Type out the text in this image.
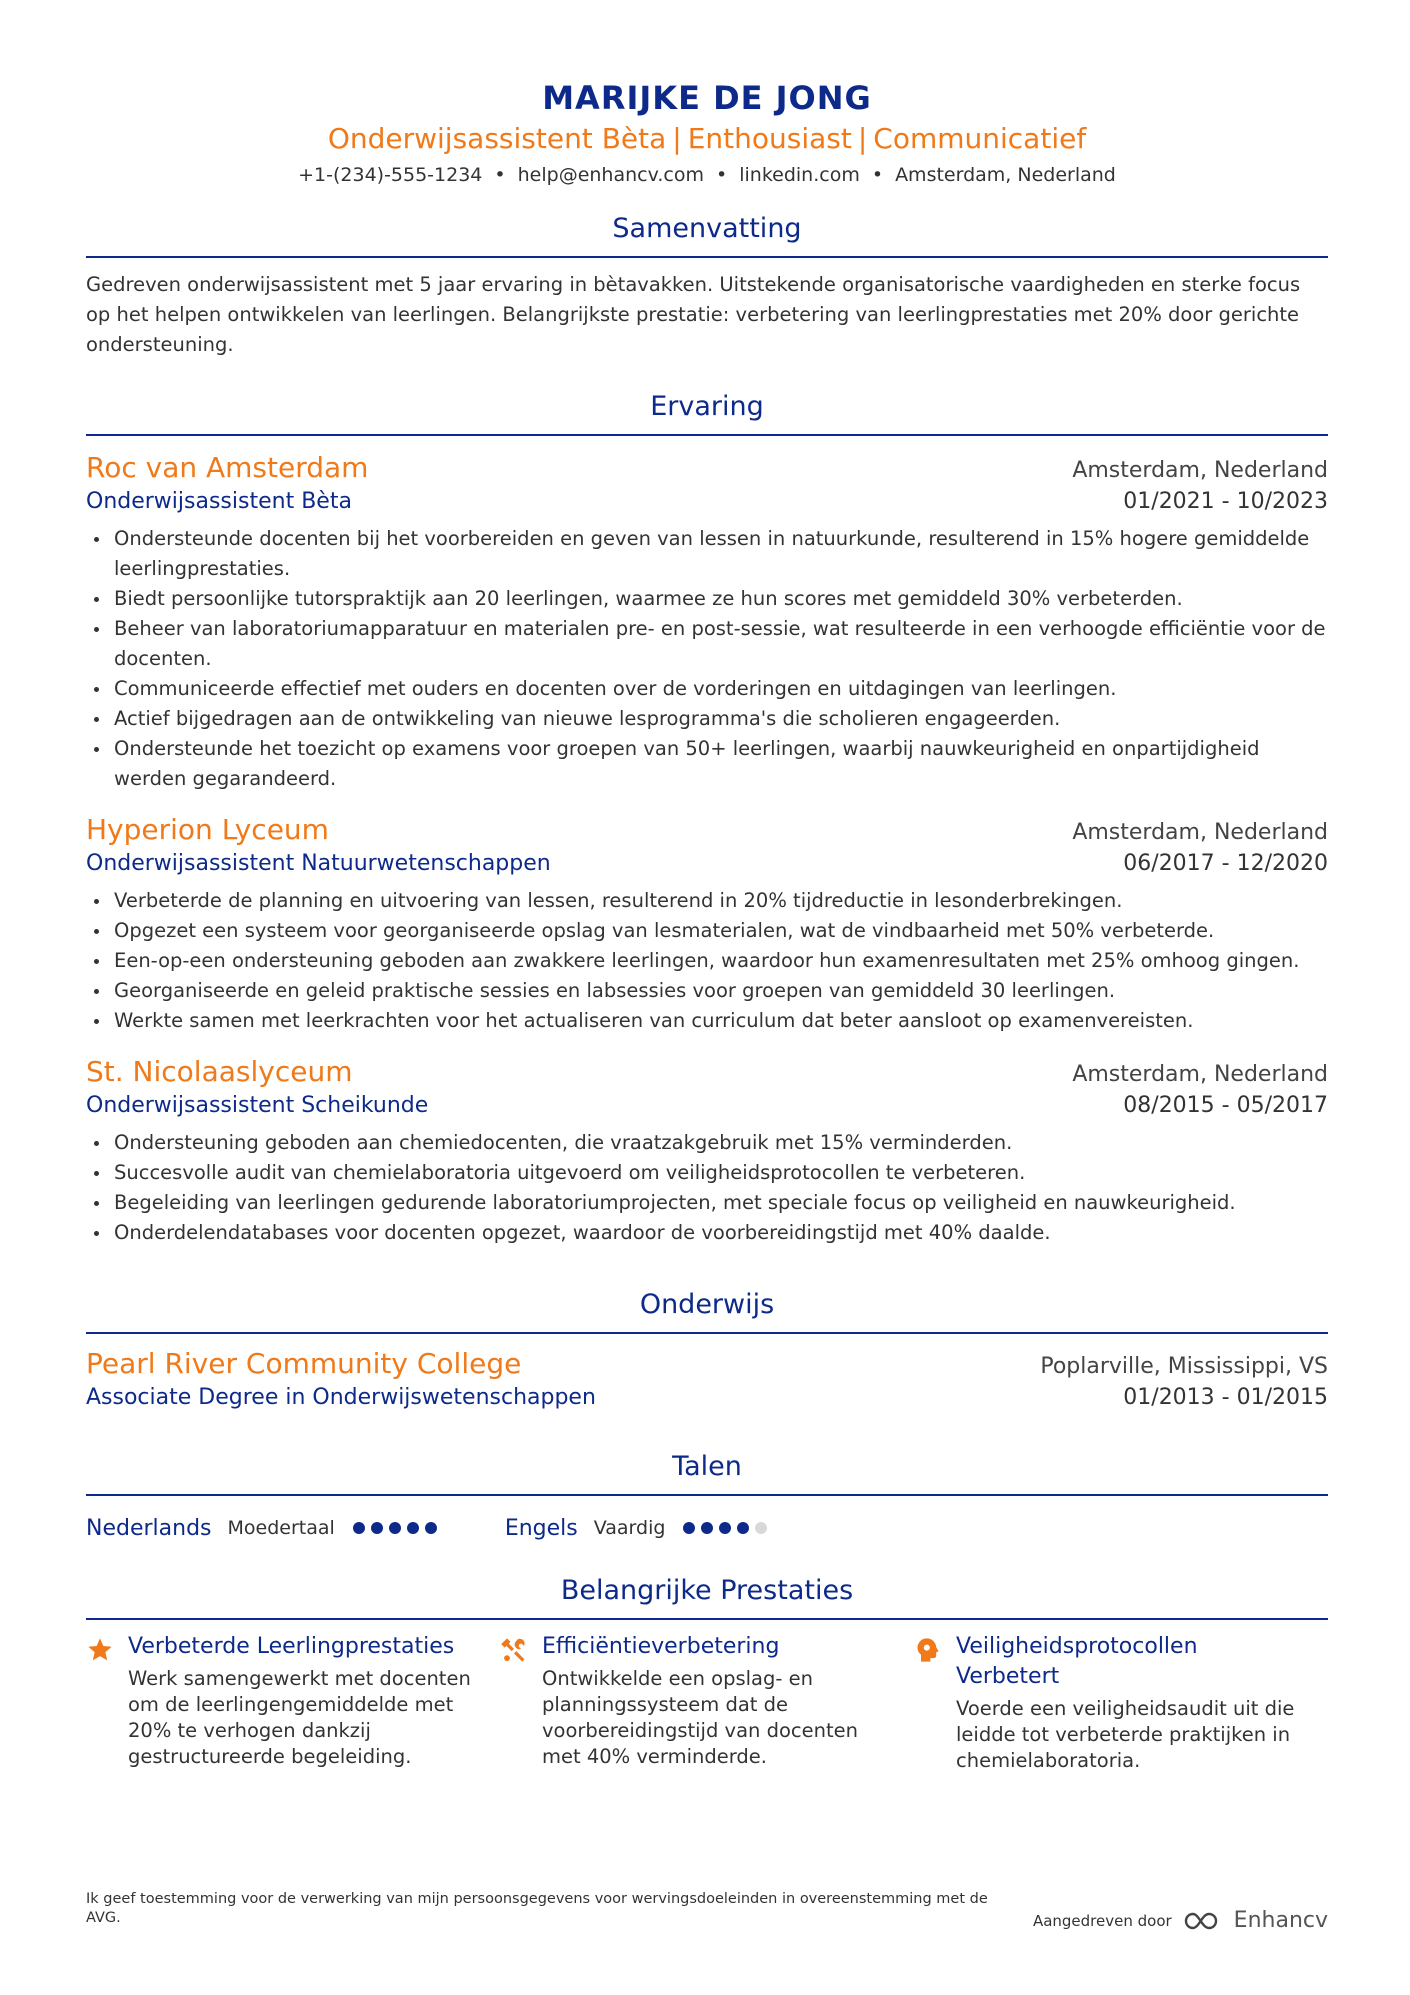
MARIJKE DE JONG
Onderwijsassistent Bèta | Enthousiast | Communicatief
+1-(234)-555-1234 • help@enhancv.com • linkedin.com • Amsterdam, Nederland
Samenvatting
Gedreven onderwijsassistent met 5 jaar ervaring in bètavakken. Uitstekende organisatorische vaardigheden en sterke focus op het helpen ontwikkelen van leerlingen. Belangrijkste prestatie: verbetering van leerlingprestaties met 20% door gerichte ondersteuning.
Ervaring
Roc van Amsterdam	Amsterdam, Nederland
Onderwijsassistent Bèta	01/2021 - 10/2023
Ondersteunde docenten bij het voorbereiden en geven van lessen in natuurkunde, resulterend in 15% hogere gemiddelde leerlingprestaties.
Biedt persoonlijke tutorspraktijk aan 20 leerlingen, waarmee ze hun scores met gemiddeld 30% verbeterden.
Beheer van laboratoriumapparatuur en materialen pre- en post-sessie, wat resulteerde in een verhoogde efficiëntie voor de docenten.
Communiceerde effectief met ouders en docenten over de vorderingen en uitdagingen van leerlingen.
Actief bijgedragen aan de ontwikkeling van nieuwe lesprogramma's die scholieren engageerden.
Ondersteunde het toezicht op examens voor groepen van 50+ leerlingen, waarbij nauwkeurigheid en onpartijdigheid werden gegarandeerd.
Hyperion Lyceum	Amsterdam, Nederland
Onderwijsassistent Natuurwetenschappen	06/2017 - 12/2020
Verbeterde de planning en uitvoering van lessen, resulterend in 20% tijdreductie in lesonderbrekingen.
Opgezet een systeem voor georganiseerde opslag van lesmaterialen, wat de vindbaarheid met 50% verbeterde.
Een-op-een ondersteuning geboden aan zwakkere leerlingen, waardoor hun examenresultaten met 25% omhoog gingen.
Georganiseerde en geleid praktische sessies en labsessies voor groepen van gemiddeld 30 leerlingen.
Werkte samen met leerkrachten voor het actualiseren van curriculum dat beter aansloot op examenvereisten.
St. Nicolaaslyceum	Amsterdam, Nederland
Onderwijsassistent Scheikunde	08/2015 - 05/2017
Ondersteuning geboden aan chemiedocenten, die vraatzakgebruik met 15% verminderden.
Succesvolle audit van chemielaboratoria uitgevoerd om veiligheidsprotocollen te verbeteren.
Begeleiding van leerlingen gedurende laboratoriumprojecten, met speciale focus op veiligheid en nauwkeurigheid.
Onderdelendatabases voor docenten opgezet, waardoor de voorbereidingstijd met 40% daalde.
Onderwijs
Pearl River Community College	Poplarville, Mississippi, VS
Associate Degree in Onderwijswetenschappen	01/2013 - 01/2015
Talen
Nederlands Moedertaal	Engels Vaardig
Belangrijke Prestaties
Verbeterde Leerlingprestaties
Werk samengewerkt met docenten om de leerlingengemiddelde met 20% te verhogen dankzij gestructureerde begeleiding.
Efficiëntieverbetering
Ontwikkelde een opslag- en planningssysteem dat de voorbereidingstijd van docenten met 40% verminderde.
Veiligheidsprotocollen Verbetert
Voerde een veiligheidsaudit uit die leidde tot verbeterde praktijken in chemielaboratoria.
Ik geef toestemming voor de verwerking van mijn persoonsgegevens voor wervingsdoeleinden in overeenstemming met de AVG.	Aangedreven door	Enhancv
